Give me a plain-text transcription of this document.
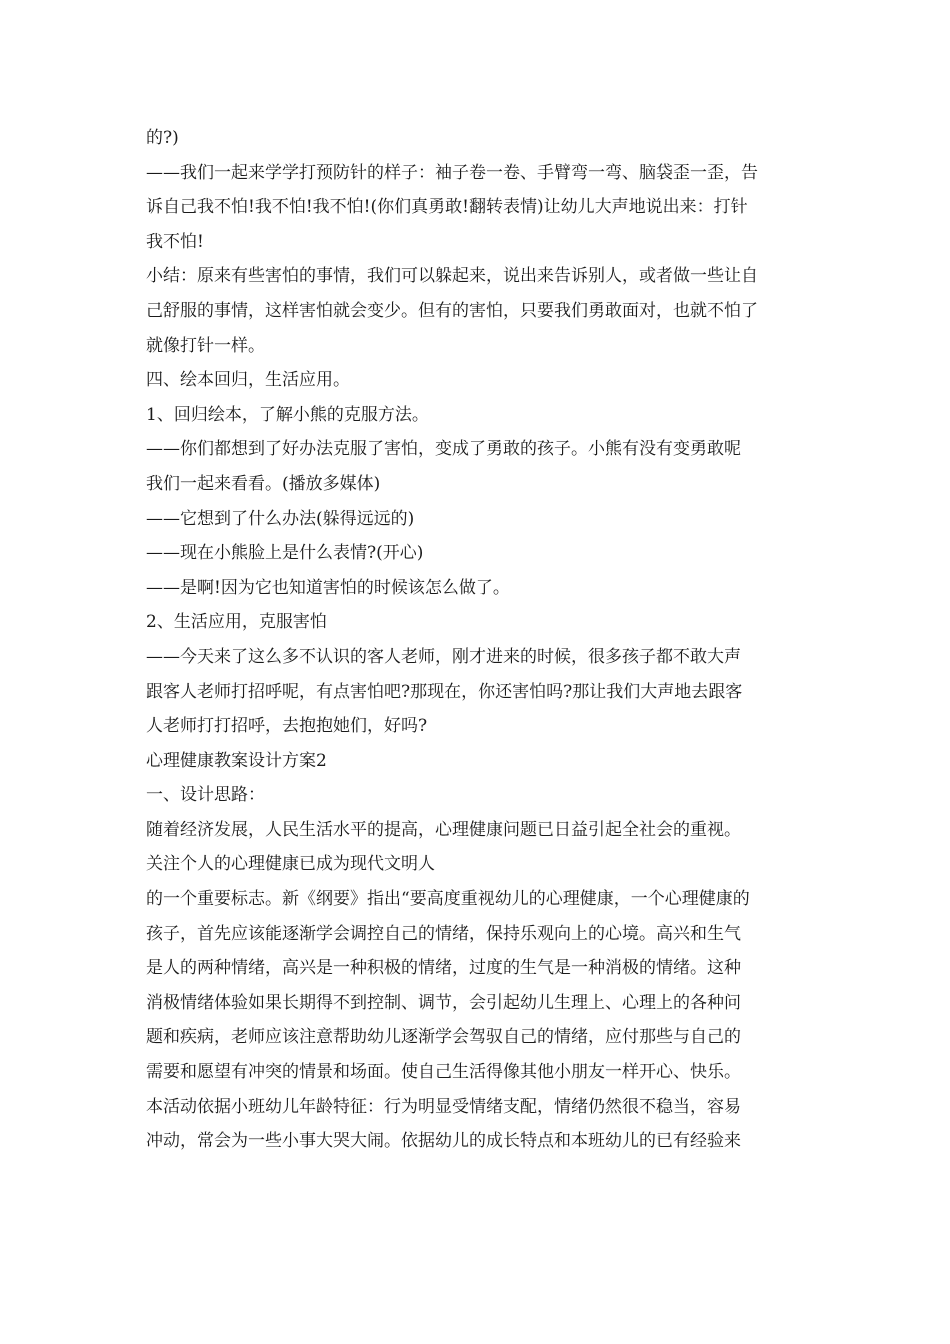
的?)
——我们一起来学学打预防针的样子：袖子卷一卷、手臂弯一弯、脑袋歪一歪，告
诉自己我不怕!我不怕!我不怕!(你们真勇敢!翻转表情)让幼儿大声地说出来：打针
我不怕!
小结：原来有些害怕的事情，我们可以躲起来，说出来告诉别人，或者做一些让自
己舒服的事情，这样害怕就会变少。但有的害怕，只要我们勇敢面对，也就不怕了
就像打针一样。
四、绘本回归，生活应用。
1、回归绘本，了解小熊的克服方法。
——你们都想到了好办法克服了害怕，变成了勇敢的孩子。小熊有没有变勇敢呢
我们一起来看看。(播放多媒体)
——它想到了什么办法(躲得远远的)
——现在小熊脸上是什么表情?(开心)
——是啊!因为它也知道害怕的时候该怎么做了。
2、生活应用，克服害怕
——今天来了这么多不认识的客人老师，刚才进来的时候，很多孩子都不敢大声
跟客人老师打招呼呢，有点害怕吧?那现在，你还害怕吗?那让我们大声地去跟客
人老师打打招呼，去抱抱她们，好吗?
心理健康教案设计方案2
一、设计思路：
随着经济发展，人民生活水平的提高，心理健康问题已日益引起全社会的重视。
关注个人的心理健康已成为现代文明人
的一个重要标志。新《纲要》指出“要高度重视幼儿的心理健康，一个心理健康的
孩子，首先应该能逐渐学会调控自己的情绪，保持乐观向上的心境。高兴和生气
是人的两种情绪，高兴是一种积极的情绪，过度的生气是一种消极的情绪。这种
消极情绪体验如果长期得不到控制、调节，会引起幼儿生理上、心理上的各种问
题和疾病，老师应该注意帮助幼儿逐渐学会驾驭自己的情绪，应付那些与自己的
需要和愿望有冲突的情景和场面。使自己生活得像其他小朋友一样开心、快乐。
本活动依据小班幼儿年龄特征：行为明显受情绪支配，情绪仍然很不稳当，容易
冲动，常会为一些小事大哭大闹。依据幼儿的成长特点和本班幼儿的已有经验来
